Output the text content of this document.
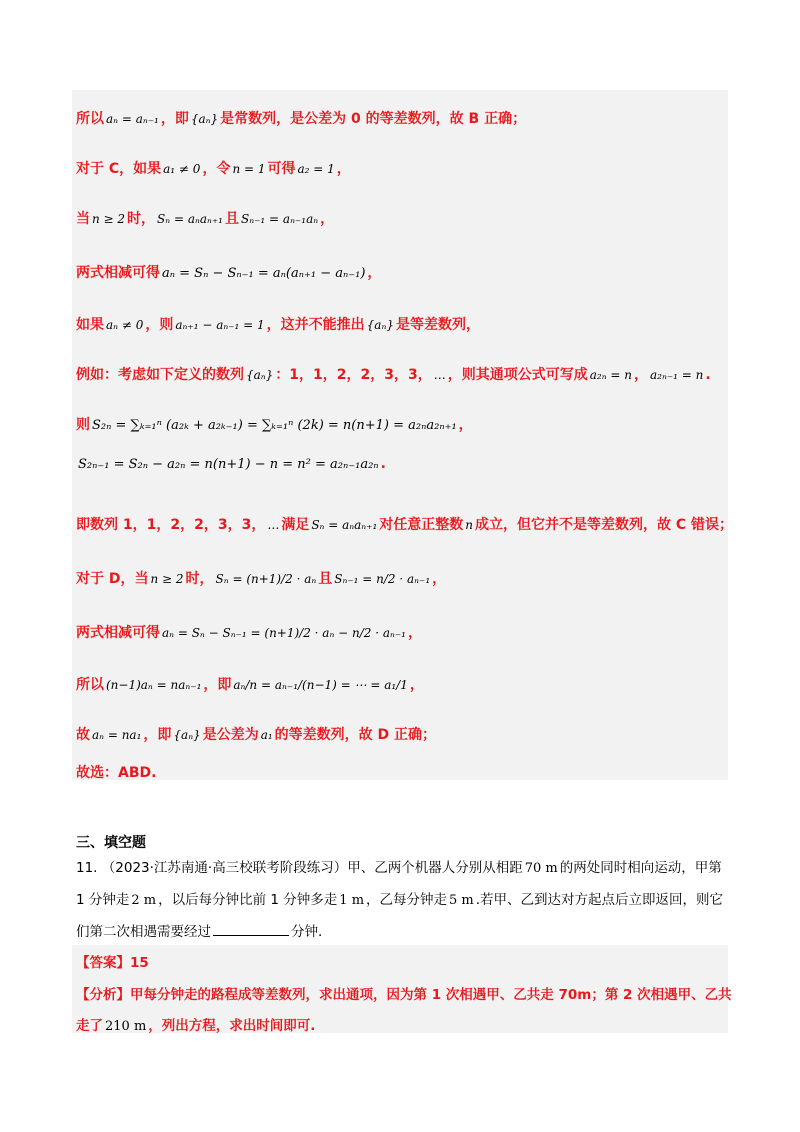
所以 aₙ = aₙ₋₁ ，即 {aₙ} 是常数列，是公差为 0 的等差数列，故 B 正确；
对于 C，如果 a₁ ≠ 0 ，令 n = 1 可得 a₂ = 1 ，
当 n ≥ 2 时， Sₙ = aₙaₙ₊₁ 且 Sₙ₋₁ = aₙ₋₁aₙ ，
两式相减可得 aₙ = Sₙ − Sₙ₋₁ = aₙ(aₙ₊₁ − aₙ₋₁) ，
如果 aₙ ≠ 0 ，则 aₙ₊₁ − aₙ₋₁ = 1 ，这并不能推出 {aₙ} 是等差数列，
例如：考虑如下定义的数列 {aₙ} ：1，1，2，2，3，3， … ，则其通项公式可写成 a₂ₙ = n ， a₂ₙ₋₁ = n .
则 S₂ₙ = ∑ₖ₌₁ⁿ (a₂ₖ + a₂ₖ₋₁) = ∑ₖ₌₁ⁿ (2k) = n(n+1) = a₂ₙa₂ₙ₊₁ ，
S₂ₙ₋₁ = S₂ₙ − a₂ₙ = n(n+1) − n = n² = a₂ₙ₋₁a₂ₙ .
即数列 1，1，2，2，3，3， … 满足 Sₙ = aₙaₙ₊₁ 对任意正整数 n 成立，但它并不是等差数列，故 C 错误；
对于 D，当 n ≥ 2 时， Sₙ = (n+1)/2 · aₙ 且 Sₙ₋₁ = n/2 · aₙ₋₁ ，
两式相减可得 aₙ = Sₙ − Sₙ₋₁ = (n+1)/2 · aₙ − n/2 · aₙ₋₁ ，
所以 (n−1)aₙ = naₙ₋₁ ，即 aₙ/n = aₙ₋₁/(n−1) = ⋯ = a₁/1 ，
故 aₙ = na₁ ，即 {aₙ} 是公差为 a₁ 的等差数列，故 D 正确；
故选：ABD.
三、填空题
11. （2023·江苏南通·高三校联考阶段练习）甲、乙两个机器人分别从相距 70 m 的两处同时相向运动，甲第
1 分钟走 2 m ，以后每分钟比前 1 分钟多走 1 m ，乙每分钟走 5 m .若甲、乙到达对方起点后立即返回，则它
们第二次相遇需要经过	分钟.
【答案】15
【分析】甲每分钟走的路程成等差数列，求出通项，因为第 1 次相遇甲、乙共走 70m；第 2 次相遇甲、乙共
走了 210 m ，列出方程，求出时间即可.
